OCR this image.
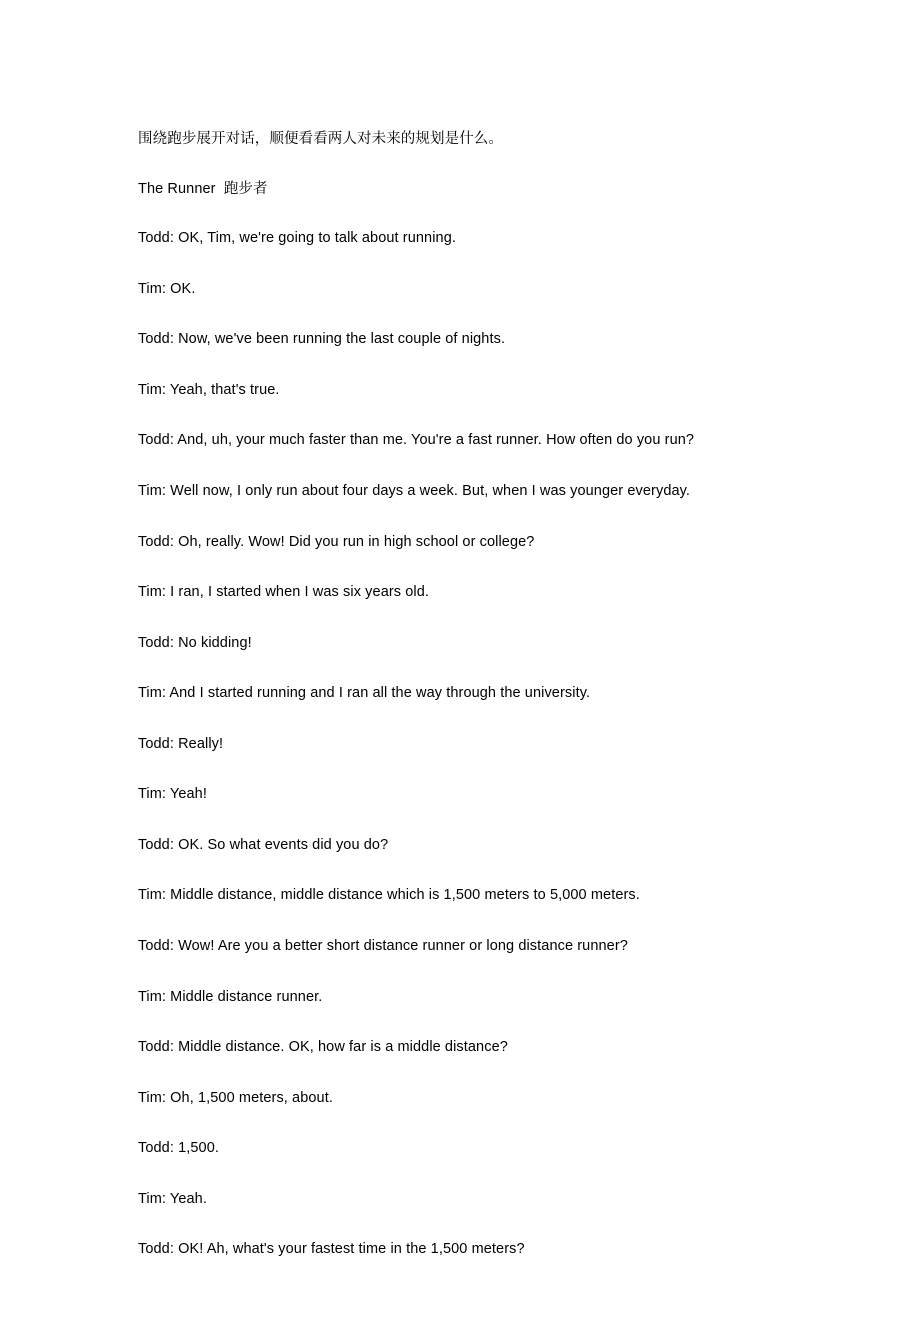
围绕跑步展开对话，顺便看看两人对未来的规划是什么。

The Runner  跑步者

Todd: OK, Tim, we're going to talk about running.

Tim: OK.

Todd: Now, we've been running the last couple of nights.

Tim: Yeah, that's true.

Todd: And, uh, your much faster than me. You're a fast runner. How often do you run?

Tim: Well now, I only run about four days a week. But, when I was younger everyday.

Todd: Oh, really. Wow! Did you run in high school or college?

Tim: I ran, I started when I was six years old.

Todd: No kidding!

Tim: And I started running and I ran all the way through the university.

Todd: Really!

Tim: Yeah!

Todd: OK. So what events did you do?

Tim: Middle distance, middle distance which is 1,500 meters to 5,000 meters.

Todd: Wow! Are you a better short distance runner or long distance runner?

Tim: Middle distance runner.

Todd: Middle distance. OK, how far is a middle distance?

Tim: Oh, 1,500 meters, about.

Todd: 1,500.

Tim: Yeah.

Todd: OK! Ah, what's your fastest time in the 1,500 meters?
